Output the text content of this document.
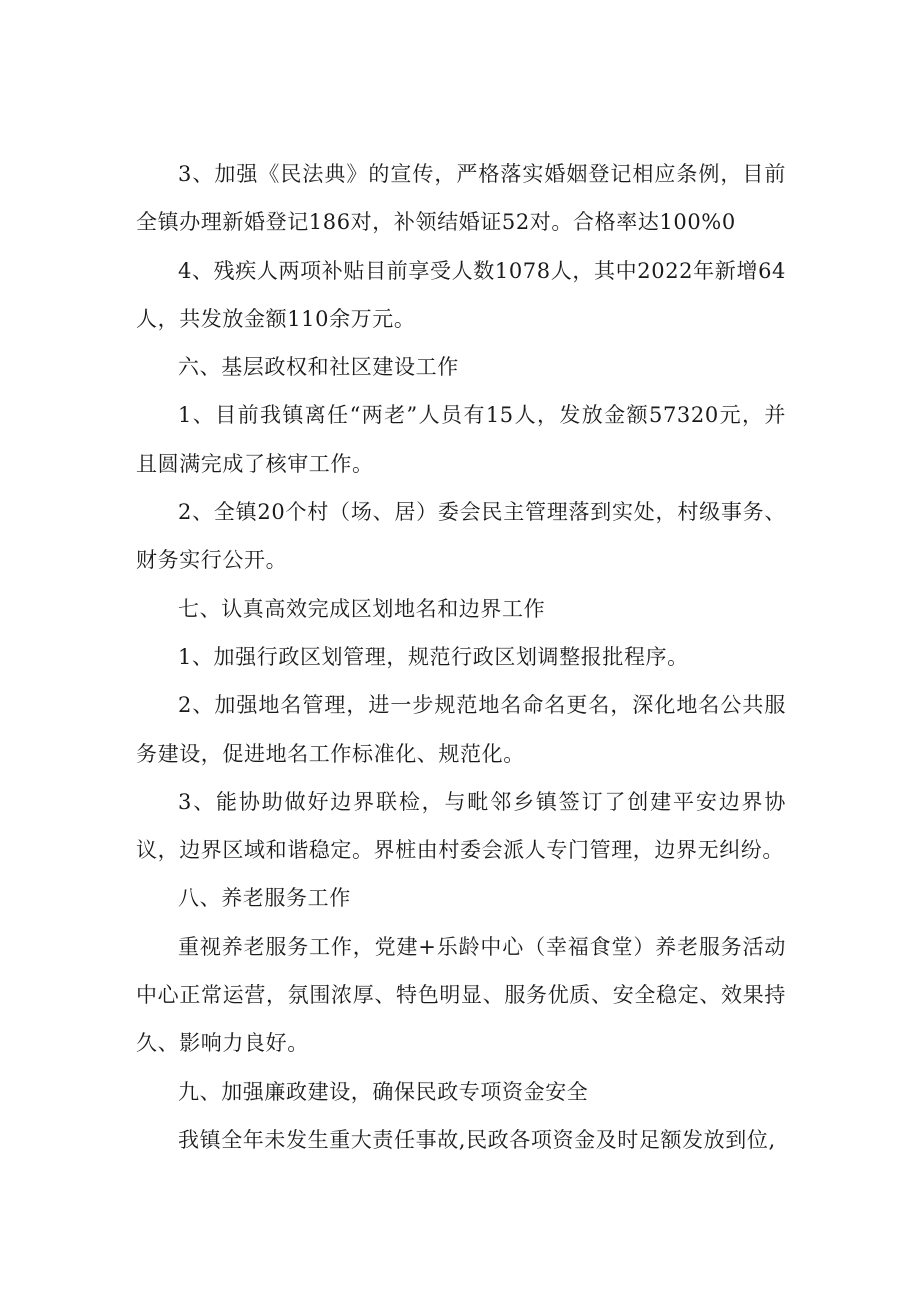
3、加强《民法典》的宣传，严格落实婚姻登记相应条例，目前全镇办理新婚登记186对，补领结婚证52对。合格率达100%0

4、残疾人两项补贴目前享受人数1078人，其中2022年新增64人，共发放金额110余万元。

六、基层政权和社区建设工作

1、目前我镇离任“两老”人员有15人，发放金额57320元，并且圆满完成了核审工作。

2、全镇20个村（场、居）委会民主管理落到实处，村级事务、财务实行公开。

七、认真高效完成区划地名和边界工作

1、加强行政区划管理，规范行政区划调整报批程序。

2、加强地名管理，进一步规范地名命名更名，深化地名公共服务建设，促进地名工作标准化、规范化。

3、能协助做好边界联检，与毗邻乡镇签订了创建平安边界协议，边界区域和谐稳定。界桩由村委会派人专门管理，边界无纠纷。

八、养老服务工作

重视养老服务工作，党建+乐龄中心（幸福食堂）养老服务活动中心正常运营，氛围浓厚、特色明显、服务优质、安全稳定、效果持久、影响力良好。

九、加强廉政建设，确保民政专项资金安全

我镇全年未发生重大责任事故,民政各项资金及时足额发放到位,
